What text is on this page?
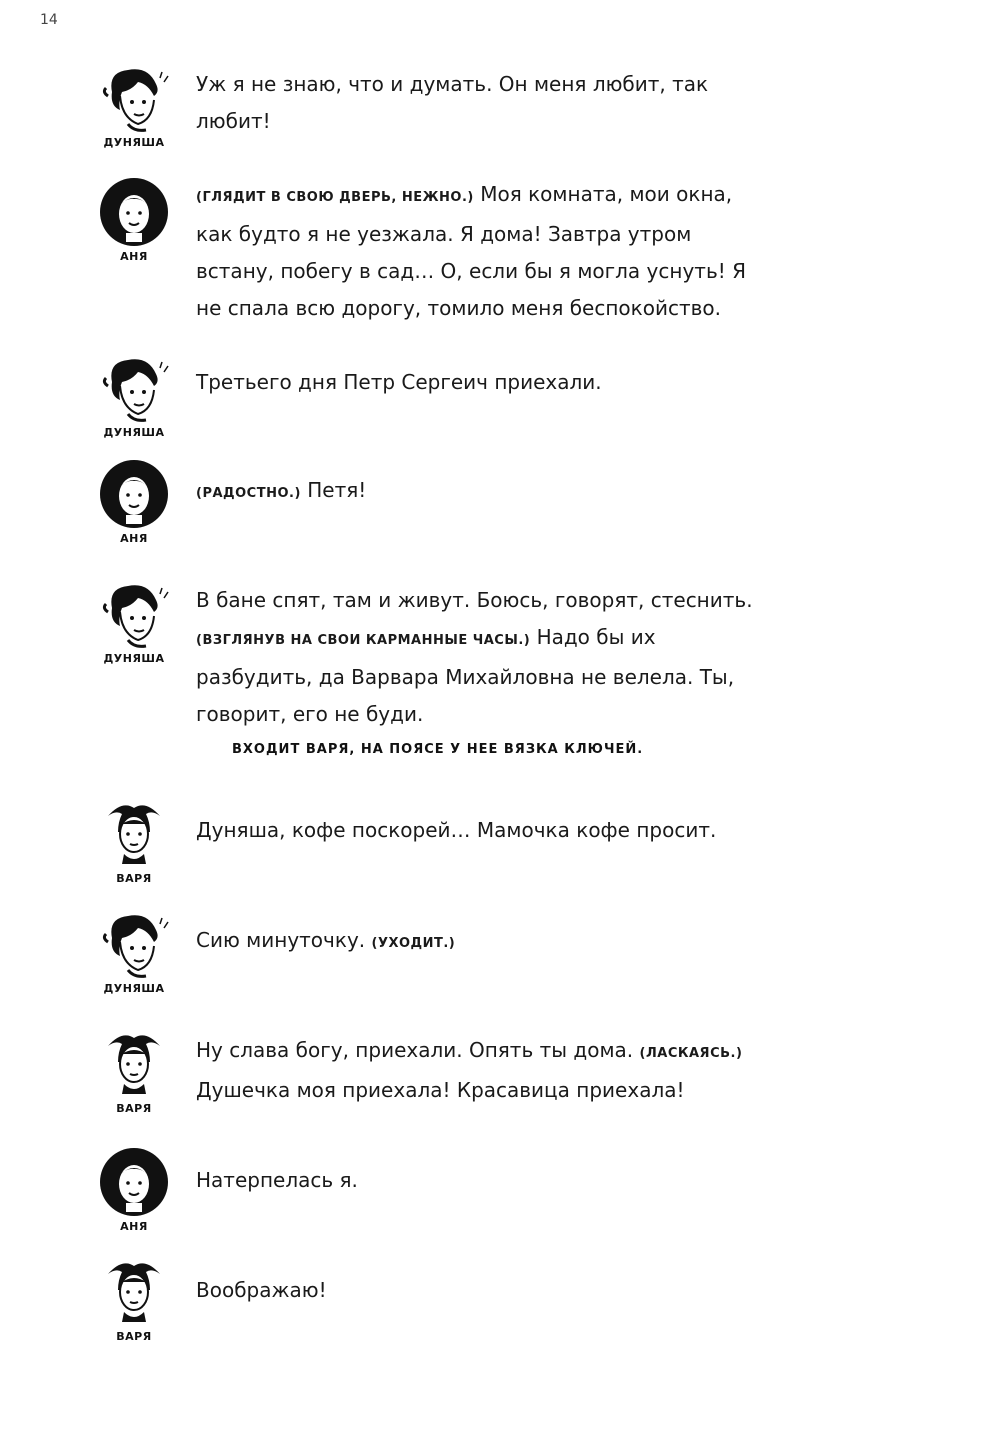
14
ДУНЯША
Уж я не знаю, что и думать. Он меня любит, так любит!
АНЯ
(ГЛЯДИТ В СВОЮ ДВЕРЬ, НЕЖНО.) Моя комната, мои окна, как будто я не уезжала. Я дома! Завтра утром встану, побегу в сад… О, если бы я могла уснуть! Я не спала всю дорогу, томило меня беспокойство.
ДУНЯША
Третьего дня Петр Сергеич приехали.
АНЯ
(РАДОСТНО.) Петя!
ДУНЯША
В бане спят, там и живут. Боюсь, говорят, стеснить. (ВЗГЛЯНУВ НА СВОИ КАРМАННЫЕ ЧАСЫ.) Надо бы их разбудить, да Варвара Михайловна не велела. Ты, говорит, его не буди.
ВХОДИТ ВАРЯ, НА ПОЯСЕ У НЕЕ ВЯЗКА КЛЮЧЕЙ.
ВАРЯ
Дуняша, кофе поскорей… Мамочка кофе просит.
ДУНЯША
Сию минуточку. (УХОДИТ.)
ВАРЯ
Ну слава богу, приехали. Опять ты дома. (ЛАСКАЯСЬ.) Душечка моя приехала! Красавица приехала!
АНЯ
Натерпелась я.
ВАРЯ
Воображаю!
